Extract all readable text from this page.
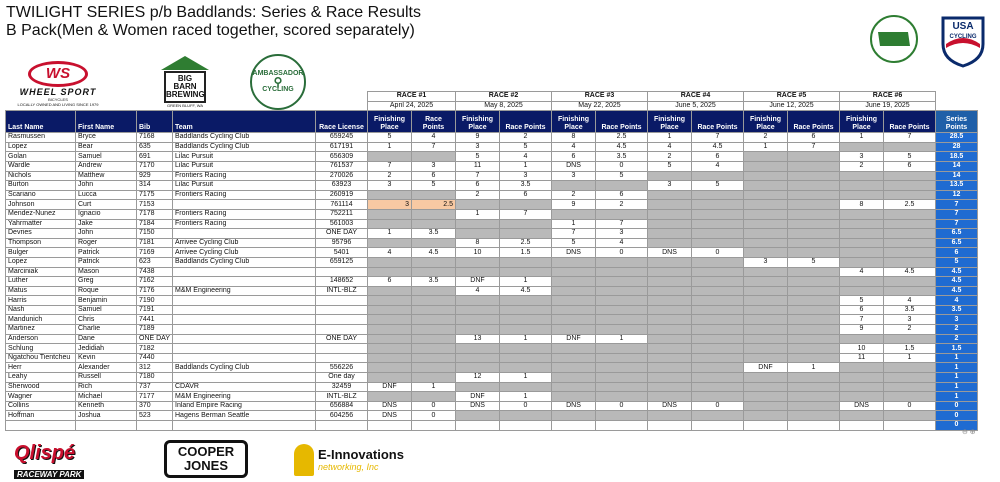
TWILIGHT SERIES p/b Baddlands: Series & Race Results
B Pack(Men & Women raced together, scored separately)
WS
WHEEL SPORT
BICYCLES
LOCALLY OWNED AND LIVING SINCE 1979
BIG BARN
BREWING
GREEN BLUFF, WA
AMBASSADOR
⚲
CYCLING
USA
CYCLING
					RACE #1		RACE #2		RACE #3		RACE #4		RACE #5		RACE #6		
					April 24, 2025		May 8, 2025		May 22, 2025		June 5, 2025		June 12, 2025		June 19, 2025		
Last Name	First Name	Bib	Team	Race License	Finishing Place	Race Points	Finishing Place	Race Points	Finishing Place	Race Points	Finishing Place	Race Points	Finishing Place	Race Points	Finishing Place	Race Points	Series Points
Rasmussen	Bryce	7168	Baddlands Cycling Club	659245	5	4	9	2	8	2.5	1	7	2	6	1	7	28.5
Lopez	Bear	635	Baddlands Cycling Club	617191	1	7	3	5	4	4.5	4	4.5	1	7			28
Golan	Samuel	691	Lilac Pursuit	656309			5	4	6	3.5	2	6			3	5	18.5
Wardle	Andrew	7170	Lilac Pursuit	761537	7	3	11	1	DNS	0	5	4			2	6	14
Nichols	Matthew	929	Frontiers Racing	270026	2	6	7	3	3	5							14
Burton	John	314	Lilac Pursuit	63923	3	5	6	3.5			3	5					13.5
Scariano	Lucca	7175	Frontiers Racing	260919			2	6	2	6							12
Johnson	Curt	7153		761114	3	2.5			9	2					8	2.5	7
Mendez-Nunez	Ignacio	7178	Frontiers Racing	752211			1	7									7
Yahrmatter	Jake	7184	Frontiers Racing	561003					1	7							7
Devries	John	7150		ONE DAY	1	3.5			7	3							6.5
Thompson	Roger	7181	Arrivee Cycling Club	95796			8	2.5	5	4							6.5
Bulger	Patrick	7169	Arrivee Cycling Club	5401	4	4.5	10	1.5	DNS	0	DNS	0					6
Lopez	Patrick	623	Baddlands Cycling Club	659125									3	5			5
Marciniak	Mason	7438													4	4.5	4.5
Luther	Greg	7162		148652	6	3.5	DNF	1									4.5
Matus	Roque	7176	M&M Engineering	INTL-BLZ			4	4.5									4.5
Harris	Benjamin	7190													5	4	4
Nash	Samuel	7191													6	3.5	3.5
Mandunich	Chris	7441													7	3	3
Martinez	Charlie	7189													9	2	2
Anderson	Dane	ONE DAY		ONE DAY			13	1	DNF	1							2
Schlung	Jedidiah	7182													10	1.5	1.5
Ngatchou Tientcheu	Kevin	7440													11	1	1
Herr	Alexander	312	Baddlands Cycling Club	556226									DNF	1			1
Leahy	Russell	7180		One day			12	1									1
Sherwood	Rich	737	CDAVR	32459	DNF	1											1
Wagner	Michael	7177	M&M Engineering	INTL-BLZ			DNF	1									1
Collins	Kenneth	370	Inland Empire Racing	656884	DNS	0	DNS	0	DNS	0	DNS	0			DNS	0	0
Hoffman	Joshua	523	Hagens Berman Seattle	604256	DNS	0											0
																	0
Qlispé
RACEWAY PARK
COOPER
JONES
E-Innovations
networking, Inc
⊖ ⊕
